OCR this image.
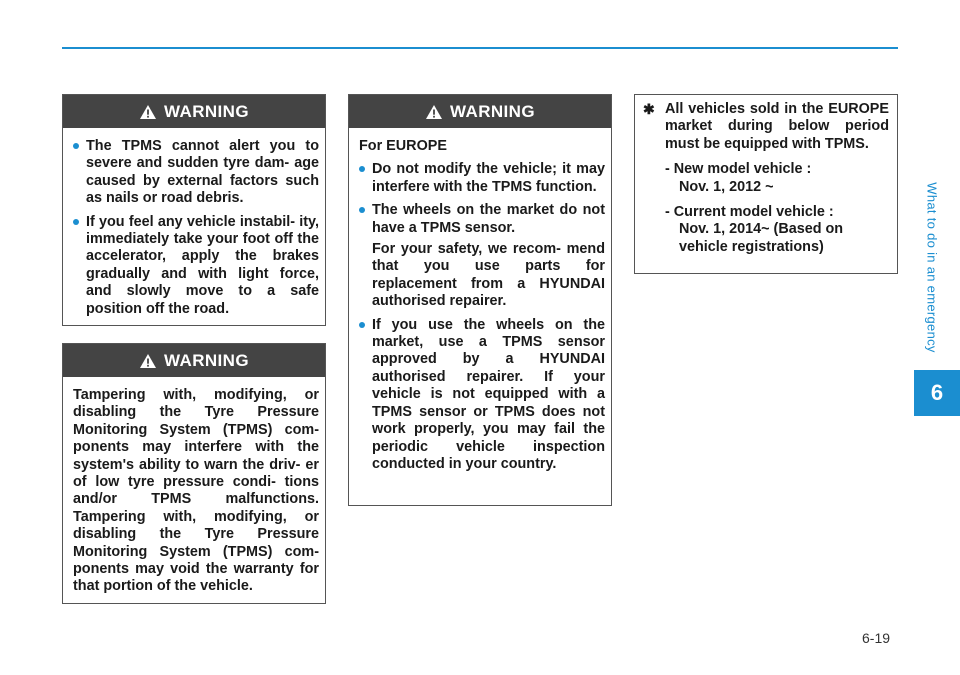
What to do in an emergency
6
6-19
WARNING
The TPMS cannot alert you to severe and sudden tyre dam- age caused by external factors such as nails or road debris.
If you feel any vehicle instabil- ity, immediately take your foot off the accelerator, apply the brakes gradually and with light force, and slowly move to a safe position off the road.
WARNING
Tampering with, modifying, or disabling the Tyre Pressure Monitoring System (TPMS) com- ponents may interfere with the system's ability to warn the driv- er of low tyre pressure condi- tions and/or TPMS malfunctions. Tampering with, modifying, or disabling the Tyre Pressure Monitoring System (TPMS) com- ponents may void the warranty for that portion of the vehicle.
WARNING
For EUROPE
Do not modify the vehicle; it may interfere with the TPMS function.
The wheels on the market do not have a TPMS sensor.
For your safety, we recom- mend that you use parts for replacement from a HYUNDAI authorised repairer.
If you use the wheels on the market, use a TPMS sensor approved by a HYUNDAI authorised repairer. If your vehicle is not equipped with a TPMS sensor or TPMS does not work properly, you may fail the periodic vehicle inspection conducted in your country.
✱ All vehicles sold in the EUROPE market during below period must be equipped with TPMS.
- New model vehicle :
Nov. 1, 2012 ~
- Current model vehicle :
Nov. 1, 2014~ (Based on vehicle registrations)
